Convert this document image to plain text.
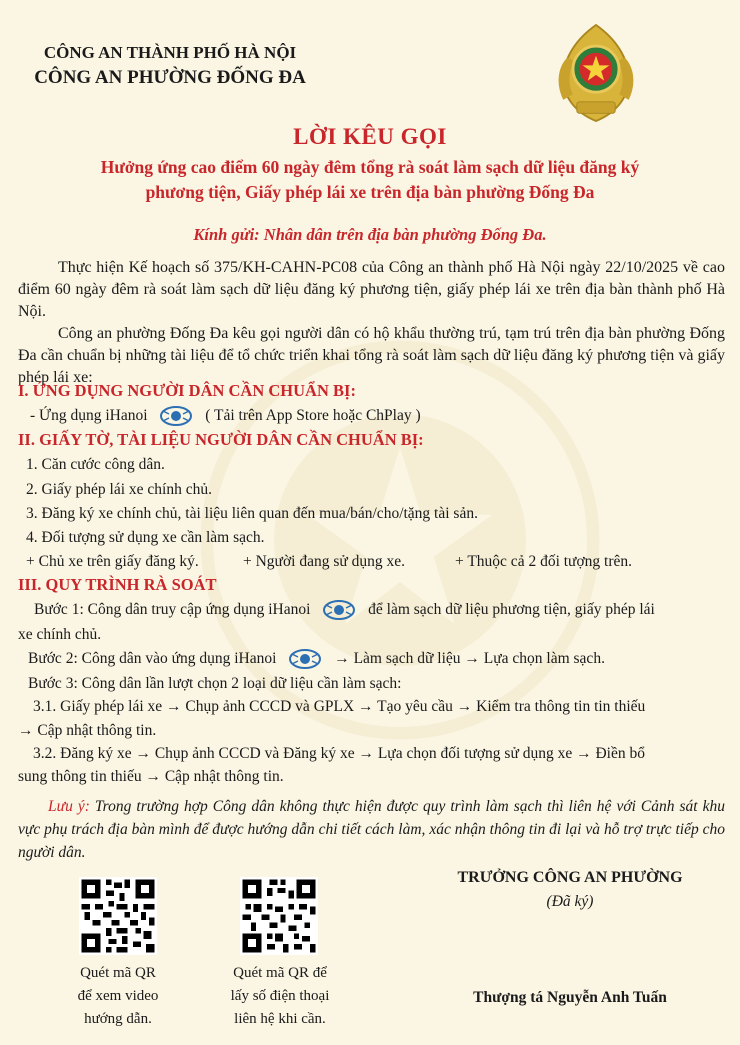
CÔNG AN THÀNH PHỐ HÀ NỘI
CÔNG AN PHƯỜNG ĐỐNG ĐA
LỜI KÊU GỌI
Hưởng ứng cao điểm 60 ngày đêm tổng rà soát làm sạch dữ liệu đăng ký
phương tiện, Giấy phép lái xe trên địa bàn phường Đống Đa
Kính gửi: Nhân dân trên địa bàn phường Đống Đa.
Thực hiện Kế hoạch số 375/KH-CAHN-PC08 của Công an thành phố Hà Nội ngày 22/10/2025 về cao điểm 60 ngày đêm rà soát làm sạch dữ liệu đăng ký phương tiện, giấy phép lái xe trên địa bàn thành phố Hà Nội.
Công an phường Đống Đa kêu gọi người dân có hộ khẩu thường trú, tạm trú trên địa bàn phường Đống Đa cần chuẩn bị những tài liệu để tổ chức triển khai tổng rà soát làm sạch dữ liệu đăng ký phương tiện và giấy phép lái xe:
I. ỨNG DỤNG NGƯỜI DÂN CẦN CHUẨN BỊ:
- Ứng dụng iHanoi	( Tải trên App Store hoặc ChPlay )
II. GIẤY TỜ, TÀI LIỆU NGƯỜI DÂN CẦN CHUẨN BỊ:
1. Căn cước công dân.
2. Giấy phép lái xe chính chủ.
3. Đăng ký xe chính chủ, tài liệu liên quan đến mua/bán/cho/tặng tài sản.
4. Đối tượng sử dụng xe cần làm sạch.
+ Chủ xe trên giấy đăng ký.	+ Người đang sử dụng xe.	+ Thuộc cả 2 đối tượng trên.
III. QUY TRÌNH RÀ SOÁT
Bước 1: Công dân truy cập ứng dụng iHanoi	để làm sạch dữ liệu phương tiện, giấy phép lái
xe chính chủ.
Bước 2: Công dân vào ứng dụng iHanoi	→ Làm sạch dữ liệu → Lựa chọn làm sạch.
Bước 3: Công dân lần lượt chọn 2 loại dữ liệu cần làm sạch:
3.1. Giấy phép lái xe → Chụp ảnh CCCD và GPLX → Tạo yêu cầu → Kiểm tra thông tin tin thiếu
→ Cập nhật thông tin.
3.2. Đăng ký xe → Chụp ảnh CCCD và Đăng ký xe → Lựa chọn đối tượng sử dụng xe → Điền bổ
sung thông tin thiếu → Cập nhật thông tin.
Lưu ý: Trong trường hợp Công dân không thực hiện được quy trình làm sạch thì liên hệ với Cảnh sát khu vực phụ trách địa bàn mình để được hướng dẫn chi tiết cách làm, xác nhận thông tin đi lại và hỗ trợ trực tiếp cho người dân.
Quét mã QR
để xem video
hướng dẫn.
Quét mã QR để
lấy số điện thoại
liên hệ khi cần.
TRƯỞNG CÔNG AN PHƯỜNG
(Đã ký)
Thượng tá Nguyễn Anh Tuấn
